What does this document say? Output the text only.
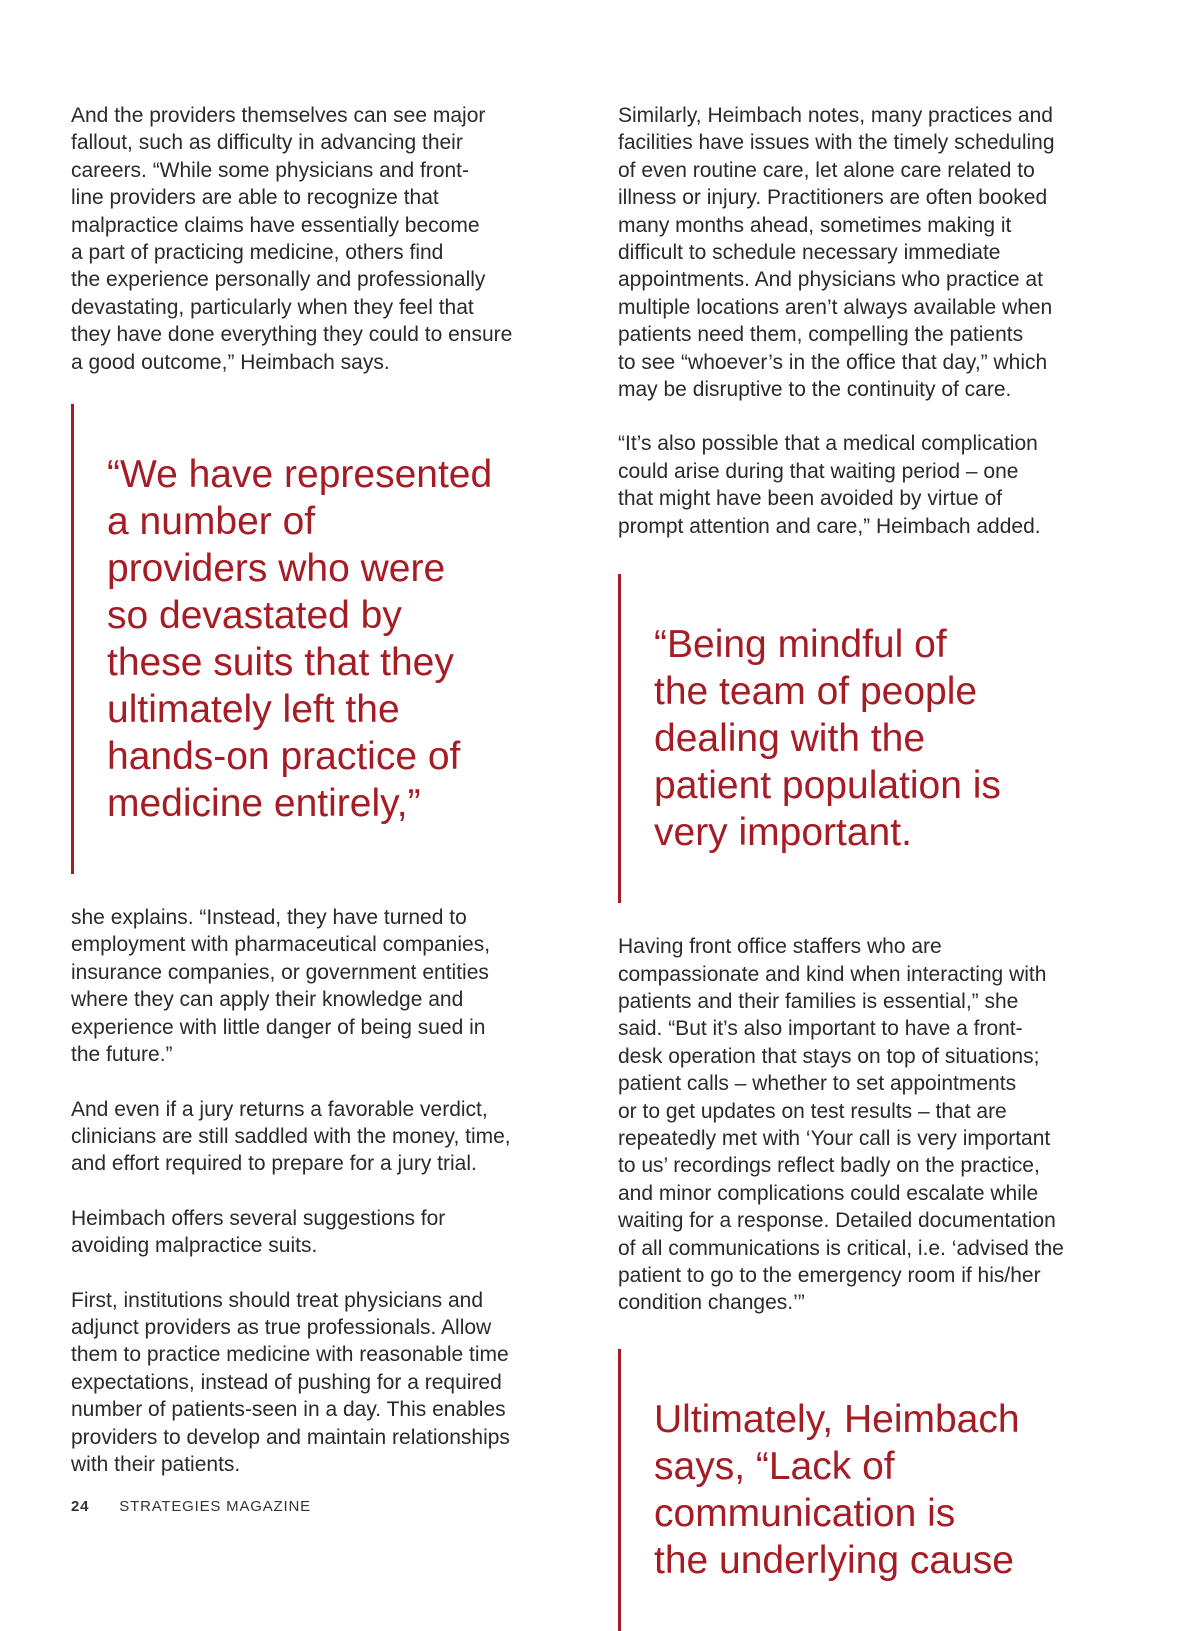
And the providers themselves can see major
fallout, such as difficulty in advancing their
careers. “While some physicians and front-
line providers are able to recognize that
malpractice claims have essentially become
a part of practicing medicine, others find
the experience personally and professionally
devastating, particularly when they feel that
they have done everything they could to ensure
a good outcome,” Heimbach says.

“We have represented
a number of
providers who were
so devastated by
these suits that they
ultimately left the
hands-on practice of
medicine entirely,”

she explains. “Instead, they have turned to
employment with pharmaceutical companies,
insurance companies, or government entities
where they can apply their knowledge and
experience with little danger of being sued in
the future.”

And even if a jury returns a favorable verdict,
clinicians are still saddled with the money, time,
and effort required to prepare for a jury trial.

Heimbach offers several suggestions for
avoiding malpractice suits.

First, institutions should treat physicians and
adjunct providers as true professionals. Allow
them to practice medicine with reasonable time
expectations, instead of pushing for a required
number of patients-seen in a day. This enables
providers to develop and maintain relationships
with their patients.

Similarly, Heimbach notes, many practices and
facilities have issues with the timely scheduling
of even routine care, let alone care related to
illness or injury. Practitioners are often booked
many months ahead, sometimes making it
difficult to schedule necessary immediate
appointments. And physicians who practice at
multiple locations aren’t always available when
patients need them, compelling the patients
to see “whoever’s in the office that day,” which
may be disruptive to the continuity of care.

“It’s also possible that a medical complication
could arise during that waiting period – one
that might have been avoided by virtue of
prompt attention and care,” Heimbach added.

“Being mindful of
the team of people
dealing with the
patient population is
very important.

Having front office staffers who are
compassionate and kind when interacting with
patients and their families is essential,” she
said. “But it’s also important to have a front-
desk operation that stays on top of situations;
patient calls – whether to set appointments
or to get updates on test results – that are
repeatedly met with ‘Your call is very important
to us’ recordings reflect badly on the practice,
and minor complications could escalate while
waiting for a response. Detailed documentation
of all communications is critical, i.e. ‘advised the
patient to go to the emergency room if his/her
condition changes.’”

Ultimately, Heimbach
says, “Lack of
communication is
the underlying cause

24 STRATEGIES MAGAZINE
